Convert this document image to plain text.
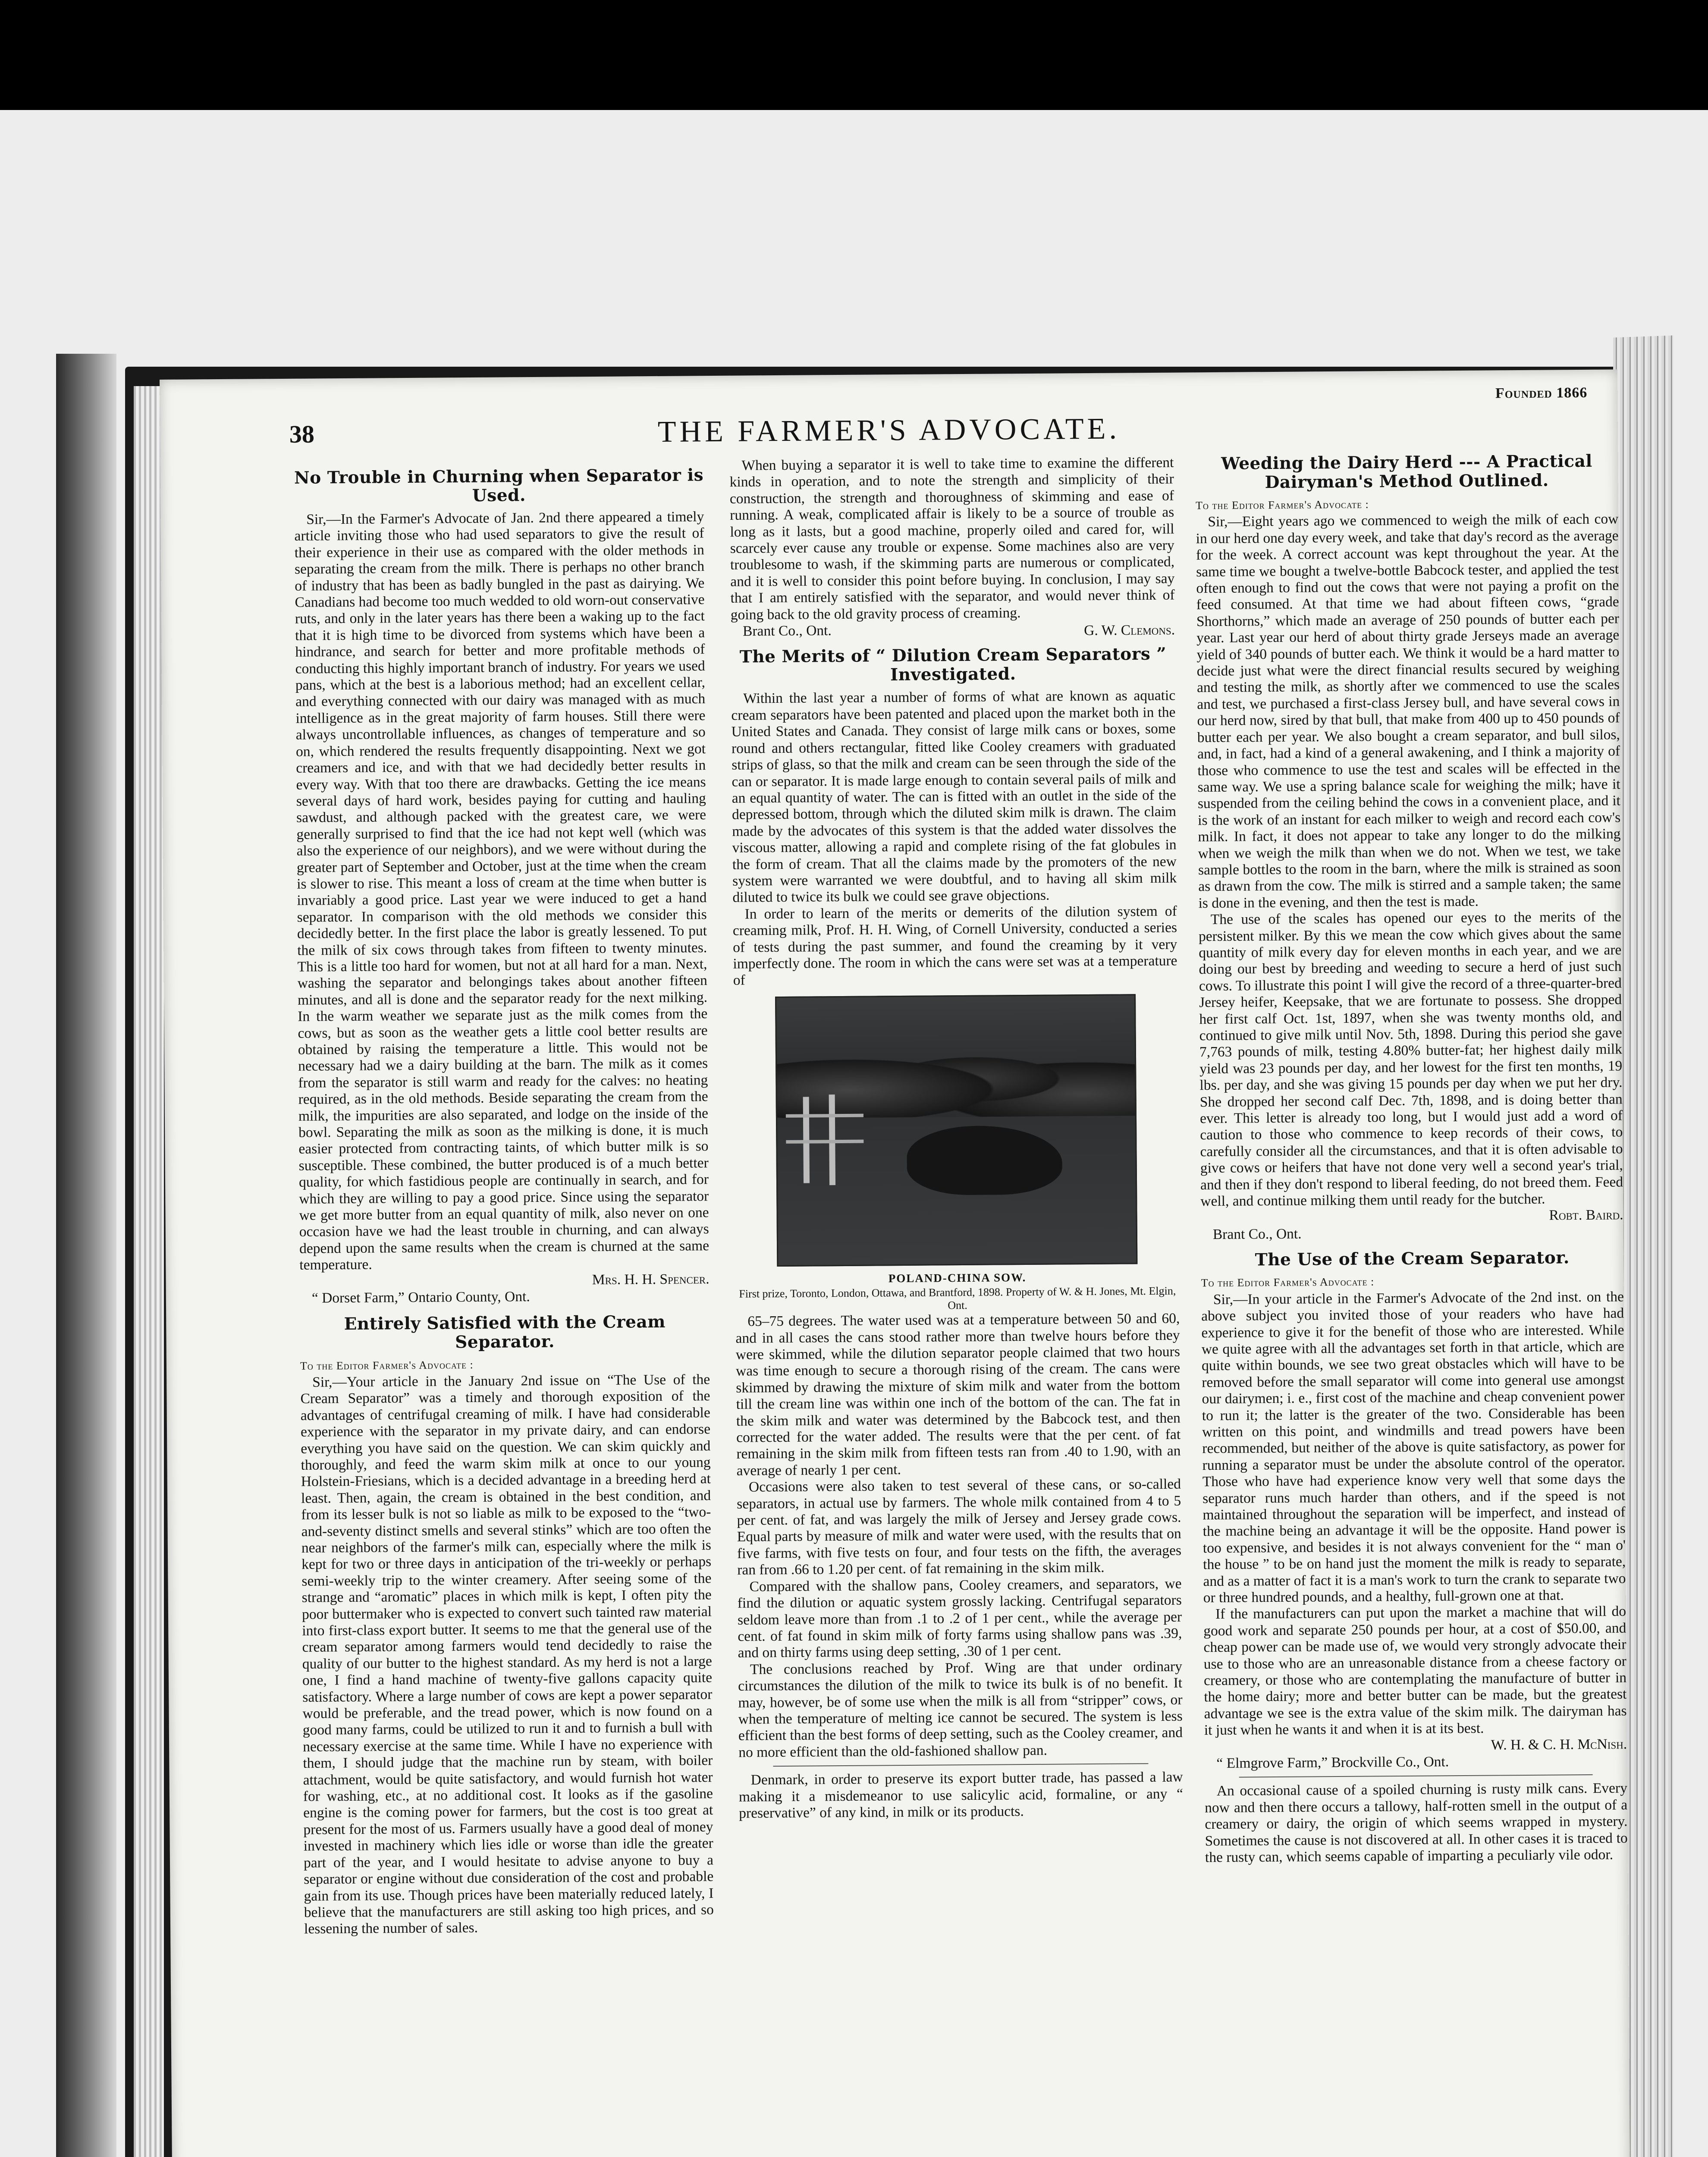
38	THE FARMER'S ADVOCATE.
Founded 1866
No Trouble in Churning when Separator is Used.

Sir,—In the Farmer's Advocate of Jan. 2nd there appeared a timely article inviting those who had used separators to give the result of their experience in their use as compared with the older methods in separating the cream from the milk. There is perhaps no other branch of industry that has been as badly bungled in the past as dairying. We Canadians had become too much wedded to old worn-out conservative ruts, and only in the later years has there been a waking up to the fact that it is high time to be divorced from systems which have been a hindrance, and search for better and more profitable methods of conducting this highly important branch of industry. For years we used pans, which at the best is a laborious method; had an excellent cellar, and everything connected with our dairy was managed with as much intelligence as in the great majority of farm houses. Still there were always uncontrollable influences, as changes of temperature and so on, which rendered the results frequently disappointing. Next we got creamers and ice, and with that we had decidedly better results in every way. With that too there are drawbacks. Getting the ice means several days of hard work, besides paying for cutting and hauling sawdust, and although packed with the greatest care, we were generally surprised to find that the ice had not kept well (which was also the experience of our neighbors), and we were without during the greater part of September and October, just at the time when the cream is slower to rise. This meant a loss of cream at the time when butter is invariably a good price. Last year we were induced to get a hand separator. In comparison with the old methods we consider this decidedly better. In the first place the labor is greatly lessened. To put the milk of six cows through takes from fifteen to twenty minutes. This is a little too hard for women, but not at all hard for a man. Next, washing the separator and belongings takes about another fifteen minutes, and all is done and the separator ready for the next milking. In the warm weather we separate just as the milk comes from the cows, but as soon as the weather gets a little cool better results are obtained by raising the temperature a little. This would not be necessary had we a dairy building at the barn. The milk as it comes from the separator is still warm and ready for the calves: no heating required, as in the old methods. Beside separating the cream from the milk, the impurities are also separated, and lodge on the inside of the bowl. Separating the milk as soon as the milking is done, it is much easier protected from contracting taints, of which butter milk is so susceptible. These combined, the butter produced is of a much better quality, for which fastidious people are continually in search, and for which they are willing to pay a good price. Since using the separator we get more butter from an equal quantity of milk, also never on one occasion have we had the least trouble in churning, and can always depend upon the same results when the cream is churned at the same temperature.

Mrs. H. H. Spencer.

“ Dorset Farm,” Ontario County, Ont.

Entirely Satisfied with the Cream Separator.

To the Editor Farmer's Advocate :

Sir,—Your article in the January 2nd issue on “The Use of the Cream Separator” was a timely and thorough exposition of the advantages of centrifugal creaming of milk. I have had considerable experience with the separator in my private dairy, and can endorse everything you have said on the question. We can skim quickly and thoroughly, and feed the warm skim milk at once to our young Holstein-Friesians, which is a decided advantage in a breeding herd at least. Then, again, the cream is obtained in the best condition, and from its lesser bulk is not so liable as milk to be exposed to the “two-and-seventy distinct smells and several stinks” which are too often the near neighbors of the farmer's milk can, especially where the milk is kept for two or three days in anticipation of the tri-weekly or perhaps semi-weekly trip to the winter creamery. After seeing some of the strange and “aromatic” places in which milk is kept, I often pity the poor buttermaker who is expected to convert such tainted raw material into first-class export butter. It seems to me that the general use of the cream separator among farmers would tend decidedly to raise the quality of our butter to the highest standard. As my herd is not a large one, I find a hand machine of twenty-five gallons capacity quite satisfactory. Where a large number of cows are kept a power separator would be preferable, and the tread power, which is now found on a good many farms, could be utilized to run it and to furnish a bull with necessary exercise at the same time. While I have no experience with them, I should judge that the machine run by steam, with boiler attachment, would be quite satisfactory, and would furnish hot water for washing, etc., at no additional cost. It looks as if the gasoline engine is the coming power for farmers, but the cost is too great at present for the most of us. Farmers usually have a good deal of money invested in machinery which lies idle or worse than idle the greater part of the year, and I would hesitate to advise anyone to buy a separator or engine without due consideration of the cost and probable gain from its use. Though prices have been materially reduced lately, I believe that the manufacturers are still asking too high prices, and so lessening the number of sales.

When buying a separator it is well to take time to examine the different kinds in operation, and to note the strength and simplicity of their construction, the strength and thoroughness of skimming and ease of running. A weak, complicated affair is likely to be a source of trouble as long as it lasts, but a good machine, properly oiled and cared for, will scarcely ever cause any trouble or expense. Some machines also are very troublesome to wash, if the skimming parts are numerous or complicated, and it is well to consider this point before buying. In conclusion, I may say that I am entirely satisfied with the separator, and would never think of going back to the old gravity process of creaming.

Brant Co., Ont.	G. W. Clemons.

The Merits of “ Dilution Cream Separators ” Investigated.

Within the last year a number of forms of what are known as aquatic cream separators have been patented and placed upon the market both in the United States and Canada. They consist of large milk cans or boxes, some round and others rectangular, fitted like Cooley creamers with graduated strips of glass, so that the milk and cream can be seen through the side of the can or separator. It is made large enough to contain several pails of milk and an equal quantity of water. The can is fitted with an outlet in the side of the depressed bottom, through which the diluted skim milk is drawn. The claim made by the advocates of this system is that the added water dissolves the viscous matter, allowing a rapid and complete rising of the fat globules in the form of cream. That all the claims made by the promoters of the new system were warranted we were doubtful, and to having all skim milk diluted to twice its bulk we could see grave objections.

In order to learn of the merits or demerits of the dilution system of creaming milk, Prof. H. H. Wing, of Cornell University, conducted a series of tests during the past summer, and found the creaming by it very imperfectly done. The room in which the cans were set was at a temperature of

POLAND-CHINA SOW.

First prize, Toronto, London, Ottawa, and Brantford, 1898. Property of W. & H. Jones, Mt. Elgin, Ont.

65–75 degrees. The water used was at a temperature between 50 and 60, and in all cases the cans stood rather more than twelve hours before they were skimmed, while the dilution separator people claimed that two hours was time enough to secure a thorough rising of the cream. The cans were skimmed by drawing the mixture of skim milk and water from the bottom till the cream line was within one inch of the bottom of the can. The fat in the skim milk and water was determined by the Babcock test, and then corrected for the water added. The results were that the per cent. of fat remaining in the skim milk from fifteen tests ran from .40 to 1.90, with an average of nearly 1 per cent.

Occasions were also taken to test several of these cans, or so-called separators, in actual use by farmers. The whole milk contained from 4 to 5 per cent. of fat, and was largely the milk of Jersey and Jersey grade cows. Equal parts by measure of milk and water were used, with the results that on five farms, with five tests on four, and four tests on the fifth, the averages ran from .66 to 1.20 per cent. of fat remaining in the skim milk.

Compared with the shallow pans, Cooley creamers, and separators, we find the dilution or aquatic system grossly lacking. Centrifugal separators seldom leave more than from .1 to .2 of 1 per cent., while the average per cent. of fat found in skim milk of forty farms using shallow pans was .39, and on thirty farms using deep setting, .30 of 1 per cent.

The conclusions reached by Prof. Wing are that under ordinary circumstances the dilution of the milk to twice its bulk is of no benefit. It may, however, be of some use when the milk is all from “stripper” cows, or when the temperature of melting ice cannot be secured. The system is less efficient than the best forms of deep setting, such as the Cooley creamer, and no more efficient than the old-fashioned shallow pan.

Denmark, in order to preserve its export butter trade, has passed a law making it a misdemeanor to use salicylic acid, formaline, or any “ preservative” of any kind, in milk or its products.

Weeding the Dairy Herd --- A Practical Dairyman's Method Outlined.

To the Editor Farmer's Advocate :

Sir,—Eight years ago we commenced to weigh the milk of each cow in our herd one day every week, and take that day's record as the average for the week. A correct account was kept throughout the year. At the same time we bought a twelve-bottle Babcock tester, and applied the test often enough to find out the cows that were not paying a profit on the feed consumed. At that time we had about fifteen cows, “grade Shorthorns,” which made an average of 250 pounds of butter each per year. Last year our herd of about thirty grade Jerseys made an average yield of 340 pounds of butter each. We think it would be a hard matter to decide just what were the direct financial results secured by weighing and testing the milk, as shortly after we commenced to use the scales and test, we purchased a first-class Jersey bull, and have several cows in our herd now, sired by that bull, that make from 400 up to 450 pounds of butter each per year. We also bought a cream separator, and bull silos, and, in fact, had a kind of a general awakening, and I think a majority of those who commence to use the test and scales will be effected in the same way. We use a spring balance scale for weighing the milk; have it suspended from the ceiling behind the cows in a convenient place, and it is the work of an instant for each milker to weigh and record each cow's milk. In fact, it does not appear to take any longer to do the milking when we weigh the milk than when we do not. When we test, we take sample bottles to the room in the barn, where the milk is strained as soon as drawn from the cow. The milk is stirred and a sample taken; the same is done in the evening, and then the test is made.

The use of the scales has opened our eyes to the merits of the persistent milker. By this we mean the cow which gives about the same quantity of milk every day for eleven months in each year, and we are doing our best by breeding and weeding to secure a herd of just such cows. To illustrate this point I will give the record of a three-quarter-bred Jersey heifer, Keepsake, that we are fortunate to possess. She dropped her first calf Oct. 1st, 1897, when she was twenty months old, and continued to give milk until Nov. 5th, 1898. During this period she gave 7,763 pounds of milk, testing 4.80% butter-fat; her highest daily milk yield was 23 pounds per day, and her lowest for the first ten months, 19 lbs. per day, and she was giving 15 pounds per day when we put her dry. She dropped her second calf Dec. 7th, 1898, and is doing better than ever. This letter is already too long, but I would just add a word of caution to those who commence to keep records of their cows, to carefully consider all the circumstances, and that it is often advisable to give cows or heifers that have not done very well a second year's trial, and then if they don't respond to liberal feeding, do not breed them. Feed well, and continue milking them until ready for the butcher.

Robt. Baird.

Brant Co., Ont.

The Use of the Cream Separator.

To the Editor Farmer's Advocate :

Sir,—In your article in the Farmer's Advocate of the 2nd inst. on the above subject you invited those of your readers who have had experience to give it for the benefit of those who are interested. While we quite agree with all the advantages set forth in that article, which are quite within bounds, we see two great obstacles which will have to be removed before the small separator will come into general use amongst our dairymen; i. e., first cost of the machine and cheap convenient power to run it; the latter is the greater of the two. Considerable has been written on this point, and windmills and tread powers have been recommended, but neither of the above is quite satisfactory, as power for running a separator must be under the absolute control of the operator. Those who have had experience know very well that some days the separator runs much harder than others, and if the speed is not maintained throughout the separation will be imperfect, and instead of the machine being an advantage it will be the opposite. Hand power is too expensive, and besides it is not always convenient for the “ man o' the house ” to be on hand just the moment the milk is ready to separate, and as a matter of fact it is a man's work to turn the crank to separate two or three hundred pounds, and a healthy, full-grown one at that.

If the manufacturers can put upon the market a machine that will do good work and separate 250 pounds per hour, at a cost of $50.00, and cheap power can be made use of, we would very strongly advocate their use to those who are an unreasonable distance from a cheese factory or creamery, or those who are contemplating the manufacture of butter in the home dairy; more and better butter can be made, but the greatest advantage we see is the extra value of the skim milk. The dairyman has it just when he wants it and when it is at its best.

W. H. & C. H. McNish.

“ Elmgrove Farm,” Brockville Co., Ont.

An occasional cause of a spoiled churning is rusty milk cans. Every now and then there occurs a tallowy, half-rotten smell in the output of a creamery or dairy, the origin of which seems wrapped in mystery. Sometimes the cause is not discovered at all. In other cases it is traced to the rusty can, which seems capable of imparting a peculiarly vile odor.
